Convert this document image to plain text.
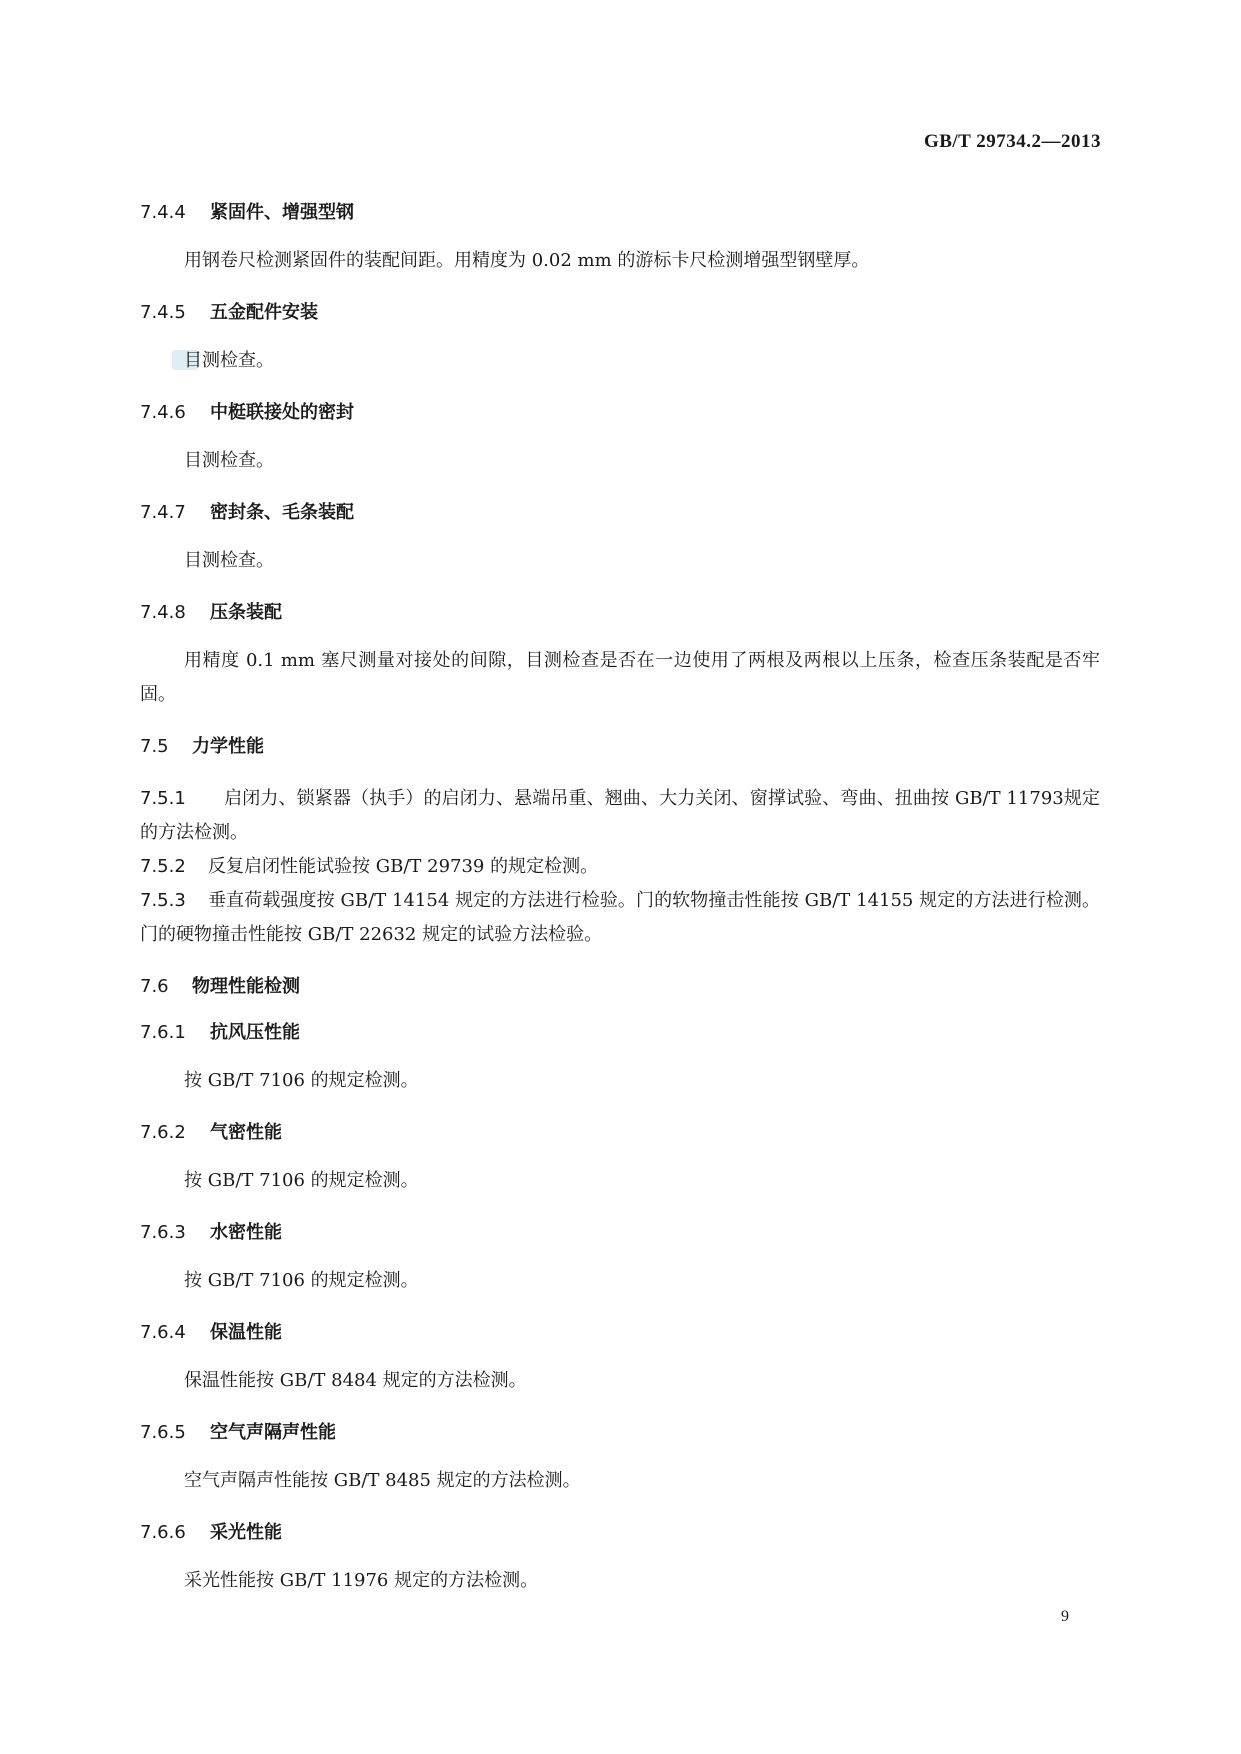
GB/T 29734.2—2013
7.4.4 紧固件、增强型钢
用钢卷尺检测紧固件的装配间距。用精度为 0.02 mm 的游标卡尺检测增强型钢壁厚。
7.4.5 五金配件安装
目测检查。
7.4.6 中梃联接处的密封
目测检查。
7.4.7 密封条、毛条装配
目测检查。
7.4.8 压条装配
用精度 0.1 mm 塞尺测量对接处的间隙，目测检查是否在一边使用了两根及两根以上压条，检查压条装配是否牢固。
7.5 力学性能
7.5.1 启闭力、锁紧器（执手）的启闭力、悬端吊重、翘曲、大力关闭、窗撑试验、弯曲、扭曲按 GB/T 11793规定的方法检测。
7.5.2 反复启闭性能试验按 GB/T 29739 的规定检测。
7.5.3 垂直荷载强度按 GB/T 14154 规定的方法进行检验。门的软物撞击性能按 GB/T 14155 规定的方法进行检测。门的硬物撞击性能按 GB/T 22632 规定的试验方法检验。
7.6 物理性能检测
7.6.1 抗风压性能
按 GB/T 7106 的规定检测。
7.6.2 气密性能
按 GB/T 7106 的规定检测。
7.6.3 水密性能
按 GB/T 7106 的规定检测。
7.6.4 保温性能
保温性能按 GB/T 8484 规定的方法检测。
7.6.5 空气声隔声性能
空气声隔声性能按 GB/T 8485 规定的方法检测。
7.6.6 采光性能
采光性能按 GB/T 11976 规定的方法检测。
9
